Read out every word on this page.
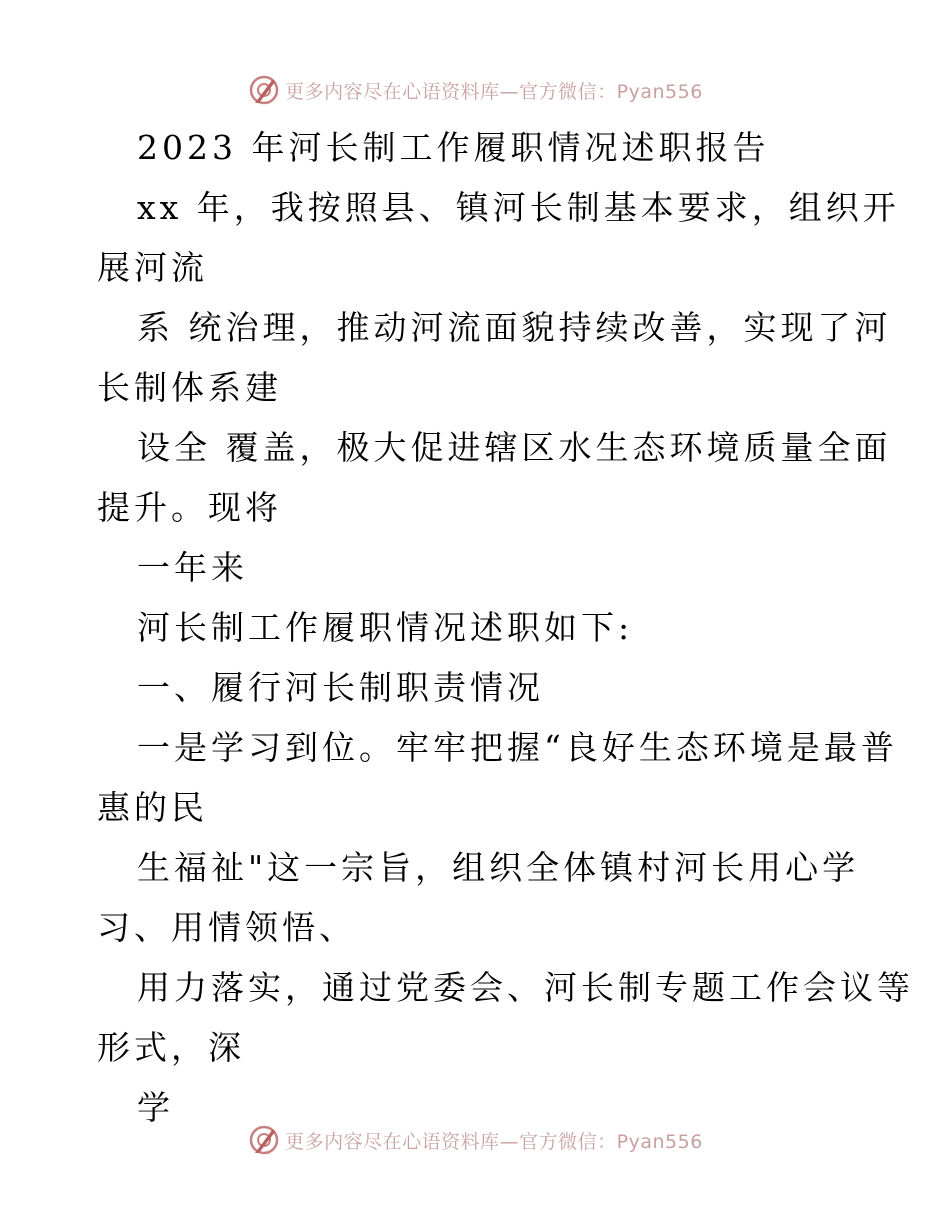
更多内容尽在心语资料库—官方微信：Pyan556
2023 年河长制工作履职情况述职报告
xx 年，我按照县、镇河长制基本要求，组织开
展河流
系 统治理，推动河流面貌持续改善，实现了河
长制体系建
设全 覆盖，极大促进辖区水生态环境质量全面
提升。现将
一年来
河长制工作履职情况述职如下:
一、履行河长制职责情况
一是学习到位。牢牢把握“良好生态环境是最普
惠的民
生福祉"这一宗旨，组织全体镇村河长用心学
习、用情领悟、
用力落实，通过党委会、河长制专题工作会议等
形式，深
学
更多内容尽在心语资料库—官方微信：Pyan556
